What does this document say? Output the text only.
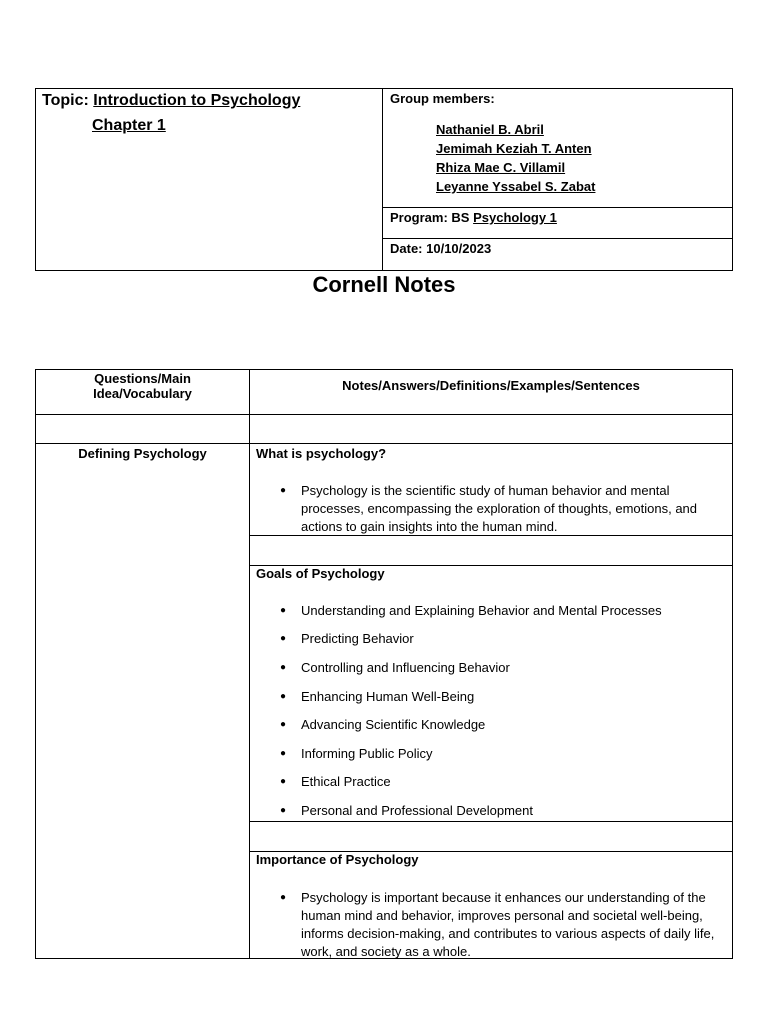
Topic: Introduction to Psychology
Chapter 1
Group members:
Nathaniel B. Abril
Jemimah Keziah T. Anten
Rhiza Mae C. Villamil
Leyanne Yssabel S. Zabat
Program: BS Psychology 1
Date: 10/10/2023
Cornell Notes
Questions/Main Idea/Vocabulary
Notes/Answers/Definitions/Examples/Sentences
Defining Psychology	What is psychology?
● Psychology is the scientific study of human behavior and mental processes, encompassing the exploration of thoughts, emotions, and actions to gain insights into the human mind.
Goals of Psychology
● Understanding and Explaining Behavior and Mental Processes
● Predicting Behavior
● Controlling and Influencing Behavior
● Enhancing Human Well-Being
● Advancing Scientific Knowledge
● Informing Public Policy
● Ethical Practice
● Personal and Professional Development
Importance of Psychology
● Psychology is important because it enhances our understanding of the human mind and behavior, improves personal and societal well-being, informs decision-making, and contributes to various aspects of daily life, work, and society as a whole.
